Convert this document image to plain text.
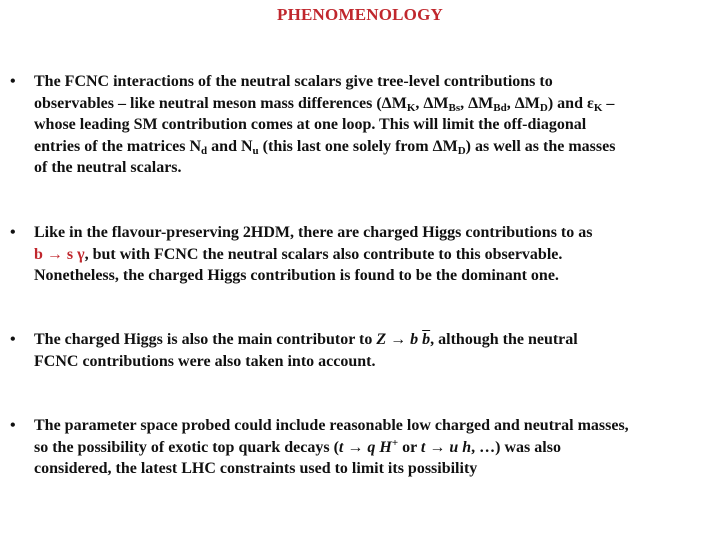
PHENOMENOLOGY
• The FCNC interactions of the neutral scalars give tree-level contributions to
observables – like neutral meson mass differences ($\Delta M_K$, $\Delta M_{Bs}$, $\Delta M_{Bd}$, $\Delta M_D$) and $\varepsilon_K$ –
whose leading SM contribution comes at one loop. This will limit the off-diagonal
entries of the matrices $N_d$ and $N_u$ (this last one solely from $\Delta M_D$) as well as the masses
of the neutral scalars.
• Like in the flavour-preserving 2HDM, there are charged Higgs contributions to as
b → s γ, but with FCNC the neutral scalars also contribute to this observable.
Nonetheless, the charged Higgs contribution is found to be the dominant one.
• The charged Higgs is also the main contributor to Z → b $\overline{b}$, although the neutral
FCNC contributions were also taken into account.
• The parameter space probed could include reasonable low charged and neutral masses,
so the possibility of exotic top quark decays (t → q H+ or t → u h, …) was also
considered, the latest LHC constraints used to limit its possibility
